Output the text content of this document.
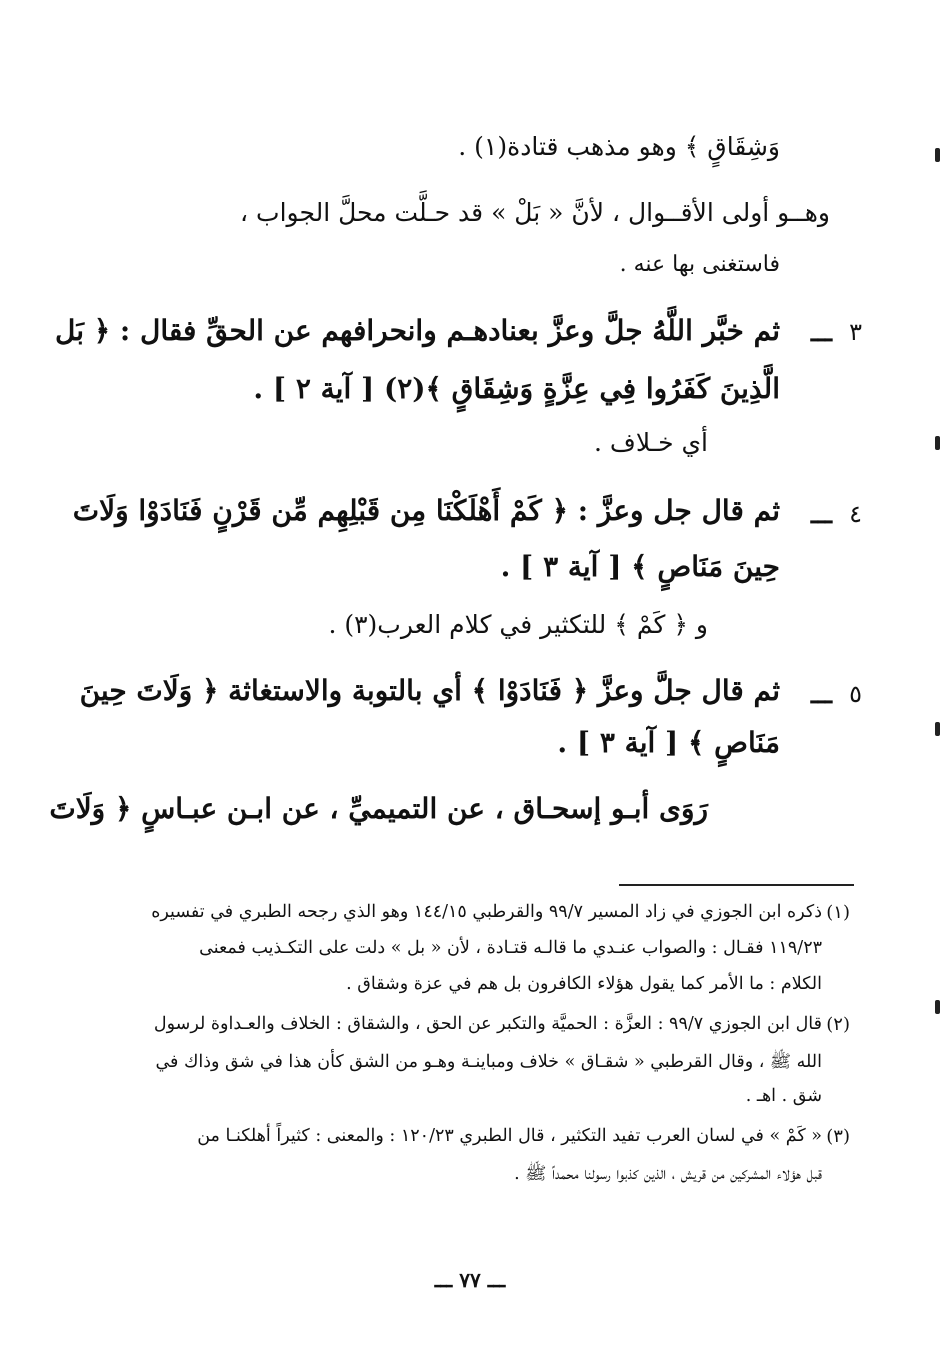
وَشِقَاقٍ ﴾ وهو مذهب قتادة(١) .
وهــو أولى الأقــوال ، لأنَّ « بَلْ » قد حـلَّت محلَّ الجواب ،
فاستغنى بها عنه .
٣
ـــ
ثم خبَّر اللَّهُ جلَّ وعزَّ بعنادهـم وانحرافهم عن الحقِّ فقال : ﴿ بَل
الَّذِينَ كَفَرُوا فِي عِزَّةٍ وَشِقَاقٍ ﴾(٢) [ آية ٢ ] .
أي خـلاف .
٤
ـــ
ثم قال جل وعزَّ : ﴿ كَمْ أَهْلَكْنَا مِن قَبْلِهِم مِّن قَرْنٍ فَنَادَوْا وَلَاتَ
حِينَ مَنَاصٍ ﴾ [ آية ٣ ] .
و ﴿ كَمْ ﴾ للتكثير في كلام العرب(٣) .
٥
ـــ
ثم قال جلَّ وعزَّ ﴿ فَنَادَوْا ﴾ أي بالتوبة والاستغاثة ﴿ وَلَاتَ حِينَ
مَنَاصٍ ﴾ [ آية ٣ ] .
رَوَى أبـو إسحـاق ، عن التميميِّ ، عن ابـن عبـاسٍ ﴿ وَلَاتَ
(١)
ذكره ابن الجوزي في زاد المسير ٩٩/٧ والقرطبي ١٤٤/١٥ وهو الذي رجحه الطبري في تفسيره
١١٩/٢٣ فقـال : والصواب عنـدي ما قالـه قتـادة ، لأن « بل » دلت على التكـذيب فمعنى
الكلام : ما الأمر كما يقول هؤلاء الكافرون بل هم في عزة وشقاق .
(٢)
قال ابن الجوزي ٩٩/٧ : العزَّة : الحميَّة والتكبر عن الحق ، والشقاق : الخلاف والعـداوة لرسول
الله ﷺ ، وقال القرطبي « شقـاق » خلاف ومباينـة وهـو من الشق كأن هذا في شق وذاك في
شق . اهـ .
(٣)
« كَمْ » في لسان العرب تفيد التكثير ، قال الطبري ١٢٠/٢٣ : والمعنى : كثيراً أهلكنـا من
قبل هؤلاء المشركين من قريش ، الذين كذبوا رسولنا محمداً ﷺ .
ـــ ٧٧ ـــ
